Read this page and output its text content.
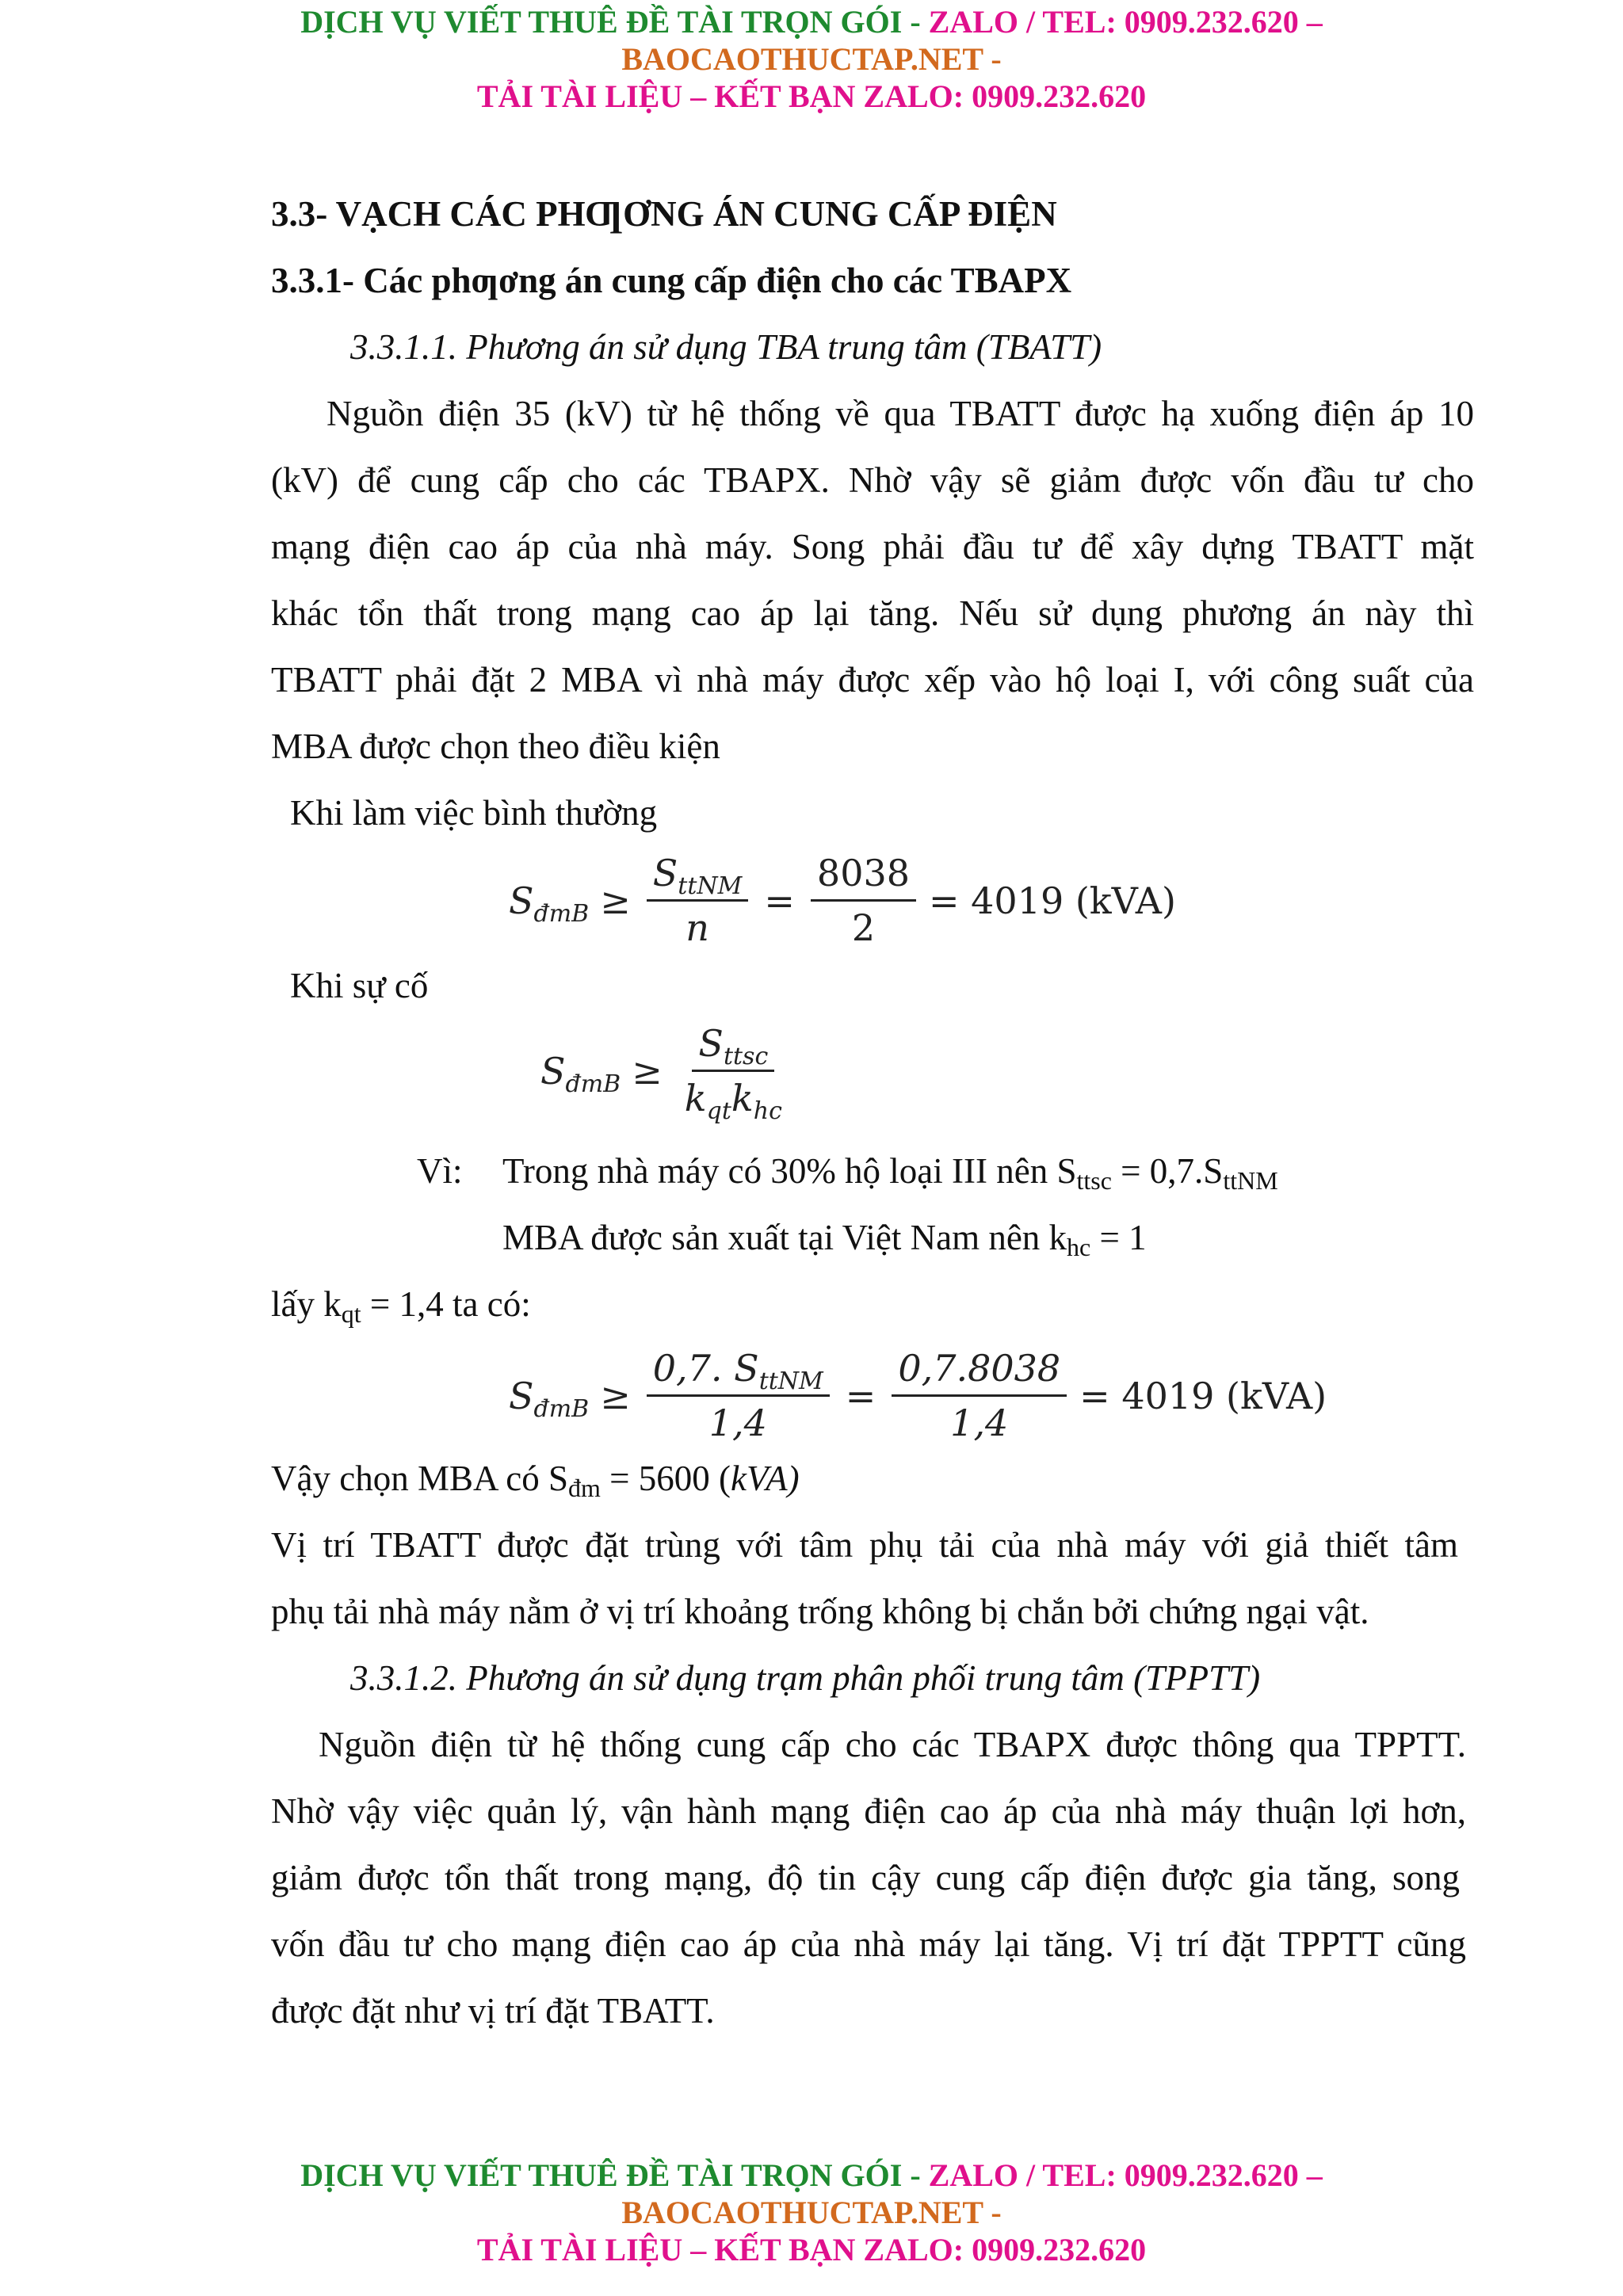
DỊCH VỤ VIẾT THUÊ ĐỀ TÀI TRỌN GÓI - ZALO / TEL: 0909.232.620 –
BAOCAOTHUCTAP.NET -
TẢI TÀI LIỆU – KẾT BẠN ZALO: 0909.232.620
3.3- VẠCH CÁC PHƢƠNG ÁN CUNG CẤP ĐIỆN
3.3.1- Các phƣơng án cung cấp điện cho các TBAPX
3.3.1.1. Phương án sử dụng TBA trung tâm (TBATT)
Nguồn điện 35 (kV) từ hệ thống về qua TBATT được hạ xuống điện áp 10
(kV) để cung cấp cho các TBAPX. Nhờ vậy sẽ giảm được vốn đầu tư cho
mạng điện cao áp của nhà máy. Song phải đầu tư để xây dựng TBATT mặt
khác tổn thất trong mạng cao áp lại tăng. Nếu sử dụng phương án này thì
TBATT phải đặt 2 MBA vì nhà máy được xếp vào hộ loại I, với công suất của
MBA được chọn theo điều kiện
Khi làm việc bình thường
$S_{đmB} \ge \frac{S_{ttNM}}{n} = \frac{8038}{2} = 4019$ (kVA)
Khi sự cố
$S_{đmB} \ge \frac{S_{ttsc}}{k_{qt}k_{hc}}$
Vì: Trong nhà máy có 30% hộ loại III nên $S_{ttsc} = 0,7.S_{ttNM}$
MBA được sản xuất tại Việt Nam nên $k_{hc} = 1$
lấy $k_{qt} = 1,4$ ta có:
$S_{đmB} \ge \frac{0,7. S_{ttNM}}{1,4} = \frac{0,7.8038}{1,4} = 4019$ (kVA)
Vậy chọn MBA có $S_{đm} = 5600$ (kVA)
Vị trí TBATT được đặt trùng với tâm phụ tải của nhà máy với giả thiết tâm
phụ tải nhà máy nằm ở vị trí khoảng trống không bị chắn bởi chứng ngại vật.
3.3.1.2. Phương án sử dụng trạm phân phối trung tâm (TPPTT)
Nguồn điện từ hệ thống cung cấp cho các TBAPX được thông qua TPPTT.
Nhờ vậy việc quản lý, vận hành mạng điện cao áp của nhà máy thuận lợi hơn,
giảm được tổn thất trong mạng, độ tin cậy cung cấp điện được gia tăng, song
vốn đầu tư cho mạng điện cao áp của nhà máy lại tăng. Vị trí đặt TPPTT cũng
được đặt như vị trí đặt TBATT.
DỊCH VỤ VIẾT THUÊ ĐỀ TÀI TRỌN GÓI - ZALO / TEL: 0909.232.620 –
BAOCAOTHUCTAP.NET -
TẢI TÀI LIỆU – KẾT BẠN ZALO: 0909.232.620
